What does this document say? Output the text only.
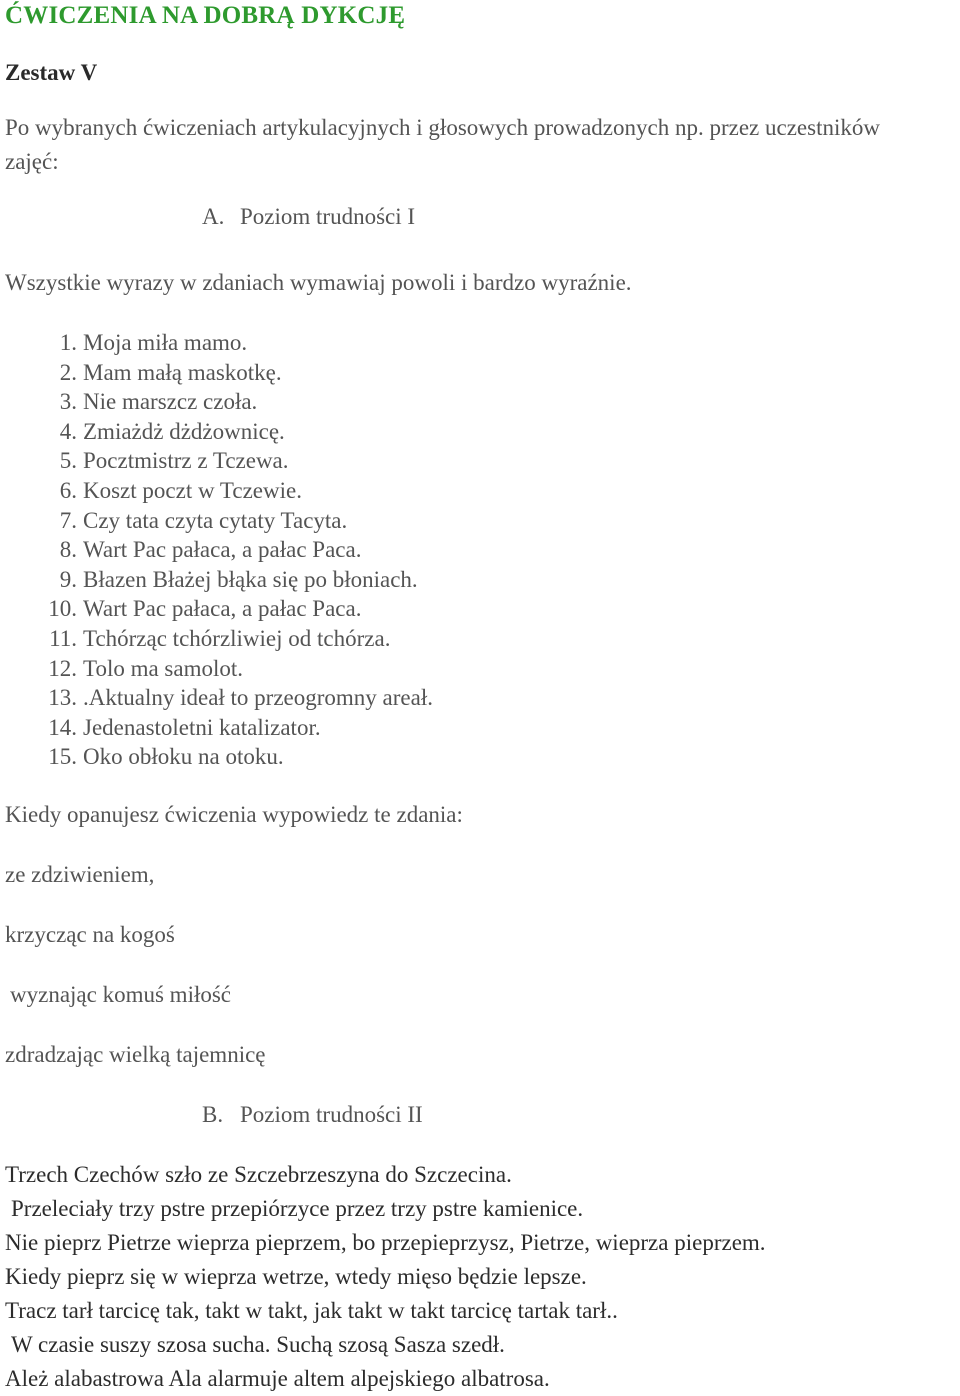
ĆWICZENIA NA DOBRĄ DYKCJĘ
Zestaw V
Po wybranych ćwiczeniach artykulacyjnych i głosowych prowadzonych np. przez uczestników
zajęć:
A. Poziom trudności I
Wszystkie wyrazy w zdaniach wymawiaj powoli i bardzo wyraźnie.
1. Moja miła mamo.
2. Mam małą maskotkę.
3. Nie marszcz czoła.
4. Zmiażdż dżdżownicę.
5. Pocztmistrz z Tczewa.
6. Koszt poczt w Tczewie.
7. Czy tata czyta cytaty Tacyta.
8. Wart Pac pałaca, a pałac Paca.
9. Błazen Błażej błąka się po błoniach.
10. Wart Pac pałaca, a pałac Paca.
11. Tchórząc tchórzliwiej od tchórza.
12. Tolo ma samolot.
13. .Aktualny ideał to przeogromny areał.
14. Jedenastoletni katalizator.
15. Oko obłoku na otoku.
Kiedy opanujesz ćwiczenia wypowiedz te zdania:
ze zdziwieniem,
krzycząc na kogoś
wyznając komuś miłość
zdradzając wielką tajemnicę
B. Poziom trudności II
Trzech Czechów szło ze Szczebrzeszyna do Szczecina.
Przeleciały trzy pstre przepiórzyce przez trzy pstre kamienice.
Nie pieprz Pietrze wieprza pieprzem, bo przepieprzysz, Pietrze, wieprza pieprzem.
Kiedy pieprz się w wieprza wetrze, wtedy mięso będzie lepsze.
Tracz tarł tarcicę tak, takt w takt, jak takt w takt tarcicę tartak tarł..
W czasie suszy szosa sucha. Suchą szosą Sasza szedł.
Ależ alabastrowa Ala alarmuje altem alpejskiego albatrosa.
